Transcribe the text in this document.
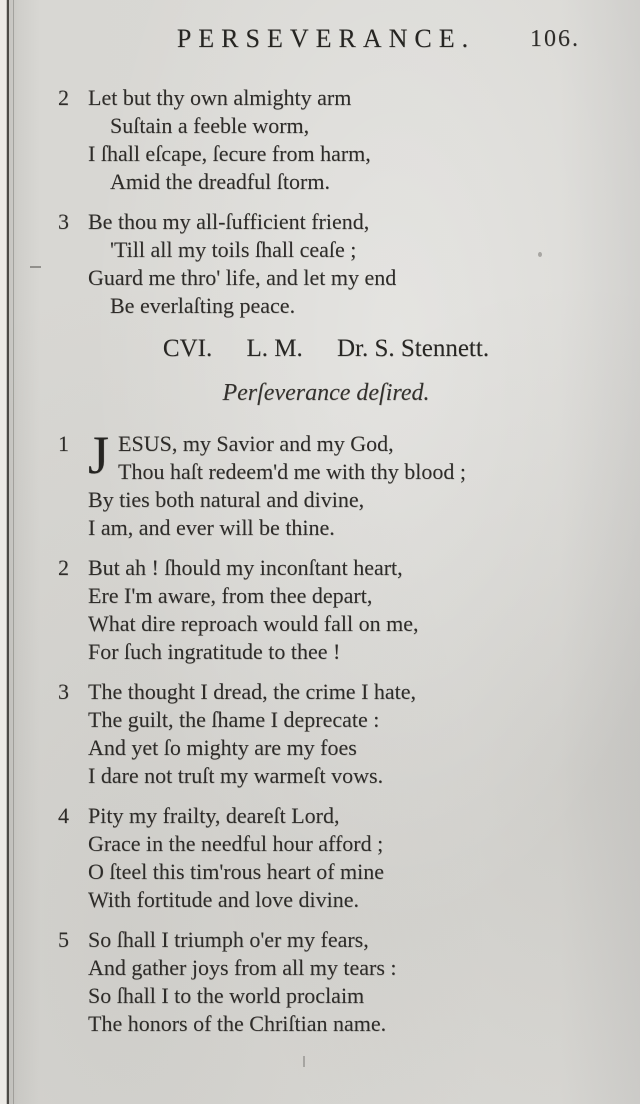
PERSEVERANCE.	106.
2 Let but thy own almighty arm
Suſtain a feeble worm,
I ſhall eſcape, ſecure from harm,
Amid the dreadful ſtorm.
3 Be thou my all-ſufficient friend,
'Till all my toils ſhall ceaſe ;
Guard me thro' life, and let my end
Be everlaſting peace.
CVI. L. M. Dr. S. Stennett.
Perſeverance deſired.
1 J ESUS, my Savior and my God,
Thou haſt redeem'd me with thy blood ;
By ties both natural and divine,
I am, and ever will be thine.
2 But ah ! ſhould my inconſtant heart,
Ere I'm aware, from thee depart,
What dire reproach would fall on me,
For ſuch ingratitude to thee !
3 The thought I dread, the crime I hate,
The guilt, the ſhame I deprecate :
And yet ſo mighty are my foes
I dare not truſt my warmeſt vows.
4 Pity my frailty, deareſt Lord,
Grace in the needful hour afford ;
O ſteel this tim'rous heart of mine
With fortitude and love divine.
5 So ſhall I triumph o'er my fears,
And gather joys from all my tears :
So ſhall I to the world proclaim
The honors of the Chriſtian name.
